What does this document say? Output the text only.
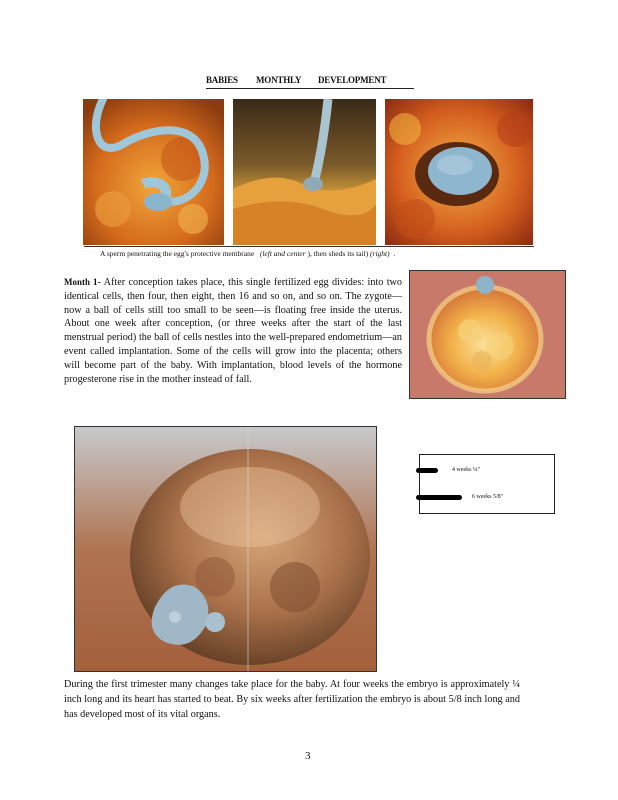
BABIES MONTHLY DEVELOPMENT
A sperm penetrating the egg's protective membrane (left and center ), then sheds its tail) (right) .
Month 1- After conception takes place, this single fertilized egg divides: into two identical cells, then four, then eight, then 16 and so on, and so on. The zygote—now a ball of cells still too small to be seen—is floating free inside the uterus. About one week after conception, (or three weeks after the start of the last menstrual period) the ball of cells nestles into the well-prepared endometrium—an event called implantation. Some of the cells will grow into the placenta; others will become part of the baby. With implantation, blood levels of the hormone progesterone rise in the mother instead of fall.
4 weeks ¼"
6 weeks 5/8"
During the first trimester many changes take place for the baby. At four weeks the embryo is approximately ¼ inch long and its heart has started to beat. By six weeks after fertilization the embryo is about 5/8 inch long and has developed most of its vital organs.
3
